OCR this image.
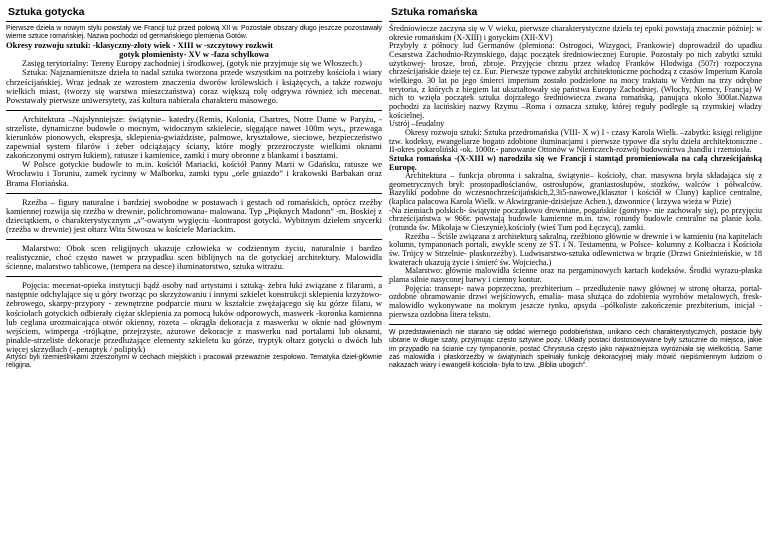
Sztuka gotycka

Pierwsze dzieła w nowym stylu powstały we Francji tuż przed połową XII w. Pozostałe obszary długo jeszcze pozostawały wierne sztuce romańskiej. Nazwa pochodzi od germańskiego plemienia Gotów.

Okresy rozwoju sztuki: -klasyczny-złoty wiek - XIII w -szczytowy rozkwit

gotyk płomienisty- XV w -faza schyłkowa

Zasięg terytorialny: Tereny Europy zachodniej i środkowej, (gotyk nie przyjmuje się we Włoszech.)

Sztuka: Najznamienitsze dzieła to nadal sztuka tworzona przede wszystkim na potrzeby kościoła i wiary chrześcijańskiej. Wraz jednak ze wzrostem znaczenia dworów królewskich i książęcych, a także rozwoju wielkich miast, (tworzy się warstwa mieszczaństwa) coraz większą rolę odgrywa również ich mecenat. Powstawały pierwsze uniwersytety, zaś kultura nabierała charakteru masowego.

Architektura –Najsłynniejsze: świątynie– katedry.(Remis, Kolonia, Chartres, Notre Dame w Paryżu, -strzeliste, dynamiczne budowle o mocnym, widocznym szkielecie, sięgające nawet 100m wys., przewaga kierunków pionowych, ekspresja, sklepienia-gwiaździste, palmowe, kryształowe, sieciowe, bezpieczeństwo zapewniał system filarów i żeber odciążający ściany, które mogły przezroczyste wielkimi oknami zakończonymi ostrym łukiem), ratusze i kamienice, zamki i mury obronne z blankami i basztami.

W Polsce gotyckie budowle to m.in. kościół Mariacki, kościół Panny Marii w Gdańsku, ratusze we Wrocławiu i Toruniu, zamek rycinny w Malborku, zamki typu „orle gniazdo” i krakowski Barbakan oraz Brama Floriańska.

Rzeźba – figury naturalne i bardziej swobodne w postawach i gestach od romańskich, oprócz rzeźby kamiennej rozwija się rzeźba w drewnie, polichromowana- malowana. Typ „Pięknych Madonn” -m. Boskiej z dzieciątkiem, o charakterystycznym „s”-owatym wygięciu -kontrapost gotycki. Wybitnym dziełem snycerki (rzeźba w drewnie) jest ołtarz Wita Stwosza w kościele Mariackim.

Malarstwo: Obok scen religijnych ukazuje człowieka w codziennym życiu, naturalnie i bardzo realistycznie, choć często nawet w przypadku scen biblijnych na tle gotyckiej architektury. Malowidła ścienne, malarstwo tablicowe, (tempera na desce) iluminatorstwo, sztuka witrażu.

Pojęcia: mecenat-opieka instytucji bądź osoby nad artystami i sztuką- żebra łuki związane z filarami, a następnie odchylające się u góry tworząc po skrzyżowaniu i innymi szkielet konstrukcji sklepienia krzyżowo-żebrowego, skarpy-przypory - zewnętrzne podparcie muru w kształcie zwężającego się ku górze filaru, w kościołach gotyckich odbierały ciężar sklepienia za pomocą łuków odporowych, maswerk -koronka kamienna lub ceglana urozmaicająca otwór okienny, rozeta – okrągła dekoracja z maswerku w oknie nad głównym wejściem, wimperga -trójkątne, przejrzyste, ażurowe dekoracje z maswerku nad portalami lub oknami, pinakle-strzeliste dekoracje przedłużające elementy szkieletu ku górze, tryptyk ołtarz gotycki o dwóch lub więcej skrzydłach (–penaptyk / poliptyk)

Artyści byli rzemieślnikami zrzeszonymi w cechach miejskich i pracowali przeważnie zespołowo. Tematyka dzieł-głównie religijna.

Sztuka romańska

Średniowiecze zaczyna się w V wieku, pierwsze charakterystyczne dzieła tej epoki powstają znacznie później: w okresie romańskim (X-XIII) i gotyckim (XII-XV)

Przybyły z północy lud Germanów (plemiona: Ostrogoci, Wizygoci, Frankowie) doprowadził do upadku Cesarstwa Zachodnio-Rzymskiego, dając początek średniowiecznej Europie. Pozostały po nich zabytki sztuki użytkowej- brosze, broń, zbroje. Przyjęcie chrztu przez władcę Franków Hlodwiga (507r) rozpoczyna chrześcijańskie dzieje tej cz. Eur. Pierwsze typowe zabytki architektoniczne pochodzą z czasów Imperium Karola wielkiego. 30 lat po jego śmierci imperium zostało podzielone na mocy traktatu w Verdun na trzy odrębne terytoria, z których z biegiem lat ukształtowały się państwa Europy Zachodniej. (Włochy, Niemcy, Francja) W nich to wzięła początek sztuka dojrzałego średniowiecza zwana romańską, panująca około 300lat.Nazwa pochodzi za łacińskiej nazwy Rzymu –Roma i oznacza sztukę, której reguły podległe są rzymskiej władzy kościelnej.

Ustrój –feudalny

Okresy rozwoju sztuki: Sztuka przedromańska (VIII- X w) I - czasy Karola Wielk. –zabytki: księgi religijne tzw. kodeksy, ewangeliarze bogato zdobione iluminacjami i pierwsze typowe dla stylu dzieła architektoniczne . II-okres pokaroliński -ok. 1000r.- panowanie Ottonów w Niemczech-rozwój budownictwa ,handlu i rzemiosła.

Sztuka romańska -(X-XIII w) narodziła się we Francji i stamtąd promieniowała na całą chrześcijańską Europę.

Architektura – funkcja obronna i sakralna, świątynie– kościoły, char. masywna bryła składająca się z geometrycznych brył: prostopadłościanów, ostrosłupów, graniastosłupów, stożków, walców i półwalców. Bazyliki podobne do wczesnochrześcijańskich,2,3i5-nawowe,(klasztor i kościół w Cluny) kaplice centralne, (kaplica pałacowa Karola Wielk. w Akwizgranie-dzisiejsze Achen.), dzwonnice ( krzywa wieża w Pizie)

-Na ziemiach polskich- świątynie początkowo drewniane, pogańskie (gontyny- nie zachowały się), po przyjęciu chrześcijaństwa w 966r. powstają budowle kamienne m.in. tzw. rotundy budowle centralne na planie koła.(rotunda św. Mikołaja w Cieszynie),kościoły (wieś Tum pod Łęczycą), zamki.

Rzeźba – Ściśle związana z architekturą sakralną, rzeźbiono głównie w drewnie i w kamieniu (na kapitelach kolumn, tympanonach portali, zwykle sceny ze ST. i N. Testamentu, w Polsce- kolumny z Kołbacza i Kościoła św. Trójcy w Strzelnie- płaskorzeźby). Ludwisarstwo-sztuka odlewnictwa w brązie (Drzwi Gnieźnieńskie, w 18 kwaterach ukazują życie i śmierć św. Wojciecha.)

Malarstwo: głównie malowidła ścienne oraz na pergaminowych kartach kodeksów. Środki wyrazu-płaska plama silnie nasyconej barwy i ciemny kontur.

Pojęcia: transept- nawa poprzeczna, prezbiterium – przedłużenie nawy głównej w stronę ołtarza, portal- ozdobne obramowanie drzwi wejściowych, emalia- masa służąca do zdobienia wyrobów metalowych, fresk- malowidło wykonywane na mokrym jeszcze tynku, apsyda –półkoliste zakończenie prezbiterium, inicjał -pierwsza ozdobna litera tekstu.

W przedstawieniach nie starano się oddać wiernego podobieństwa, unikano cech charakterystycznych, postacie były ubrane w długie szaty, przyjmując często sztywne pozy. Układy postaci dostosowywane były sztucznie do miejsca, jakie im przypadło na ścianie czy tympanonie, postać Chrystusa często jako najważniejsza wyróżniała się wielkością. Same zaś malowidła i płaskorzeźby w świątyniach spełniały funkcję dekoracyjnej miały mówić niepiśmiennym ludziom o nakazach wiary i ewangelii kościoła- była to tzw. „Biblia ubogich”.
